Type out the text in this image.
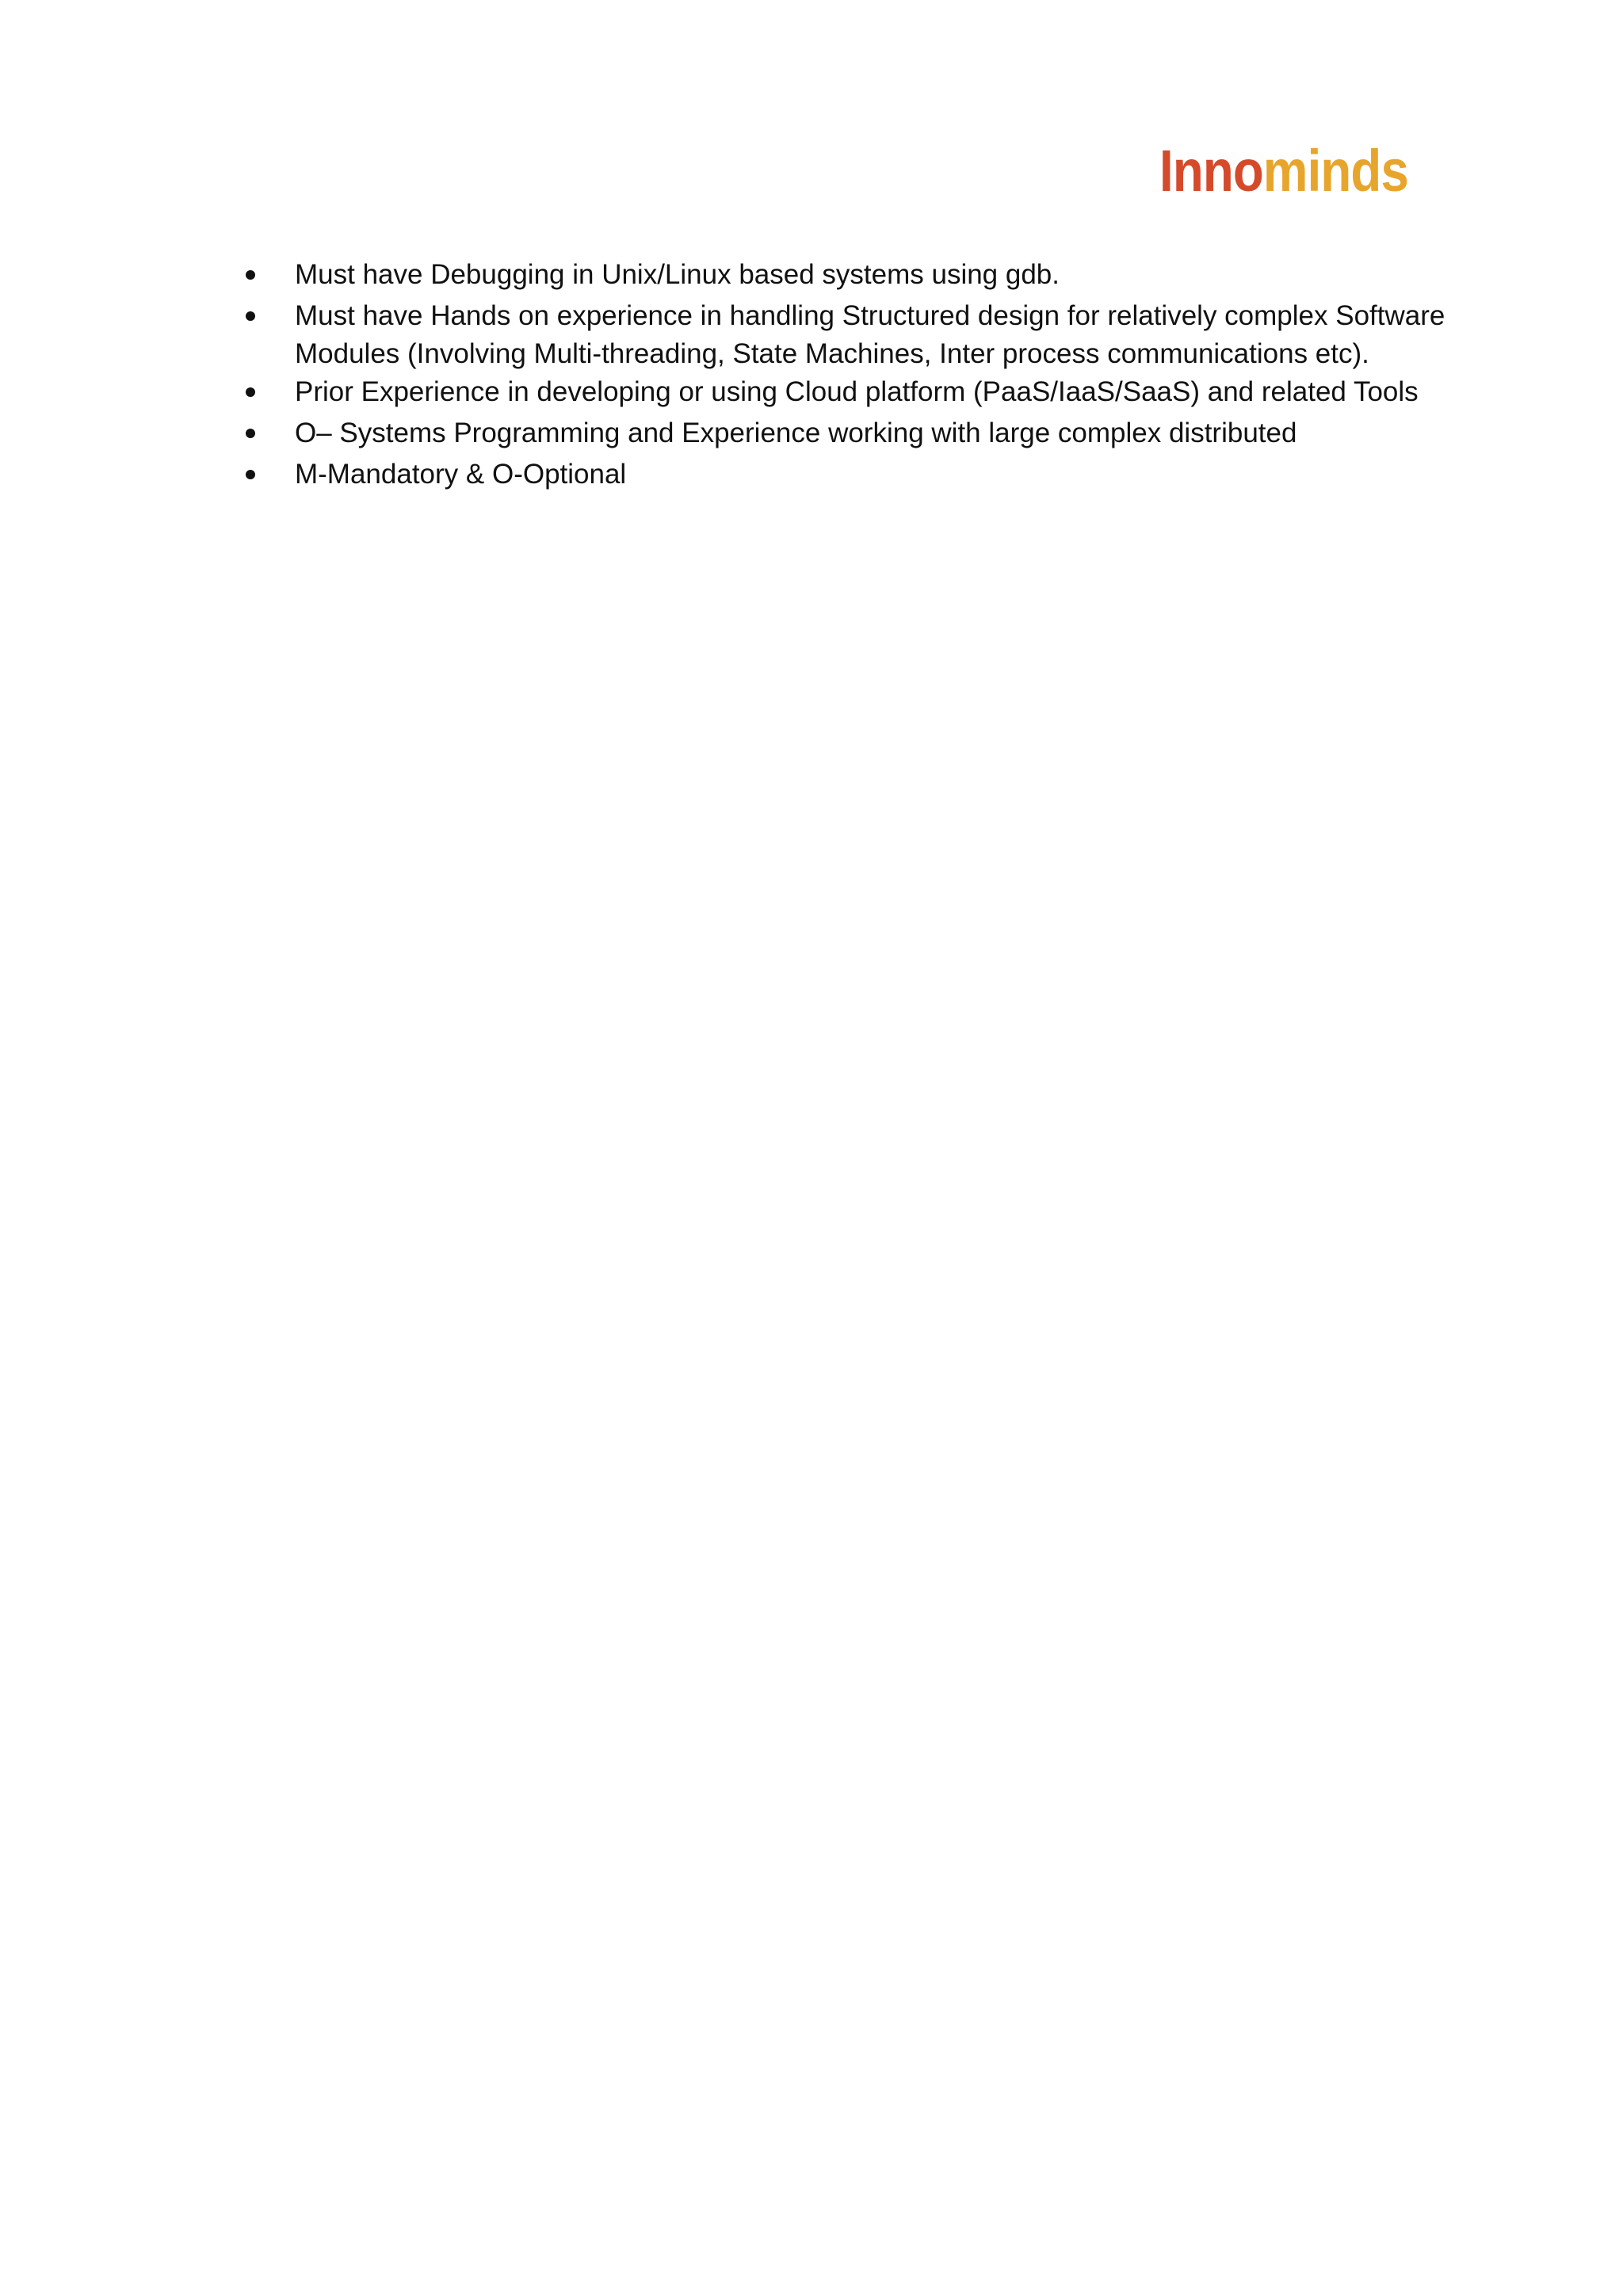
Innominds
Must have Debugging in Unix/Linux based systems using gdb.
Must have Hands on experience in handling Structured design for relatively complex Software
Modules (Involving Multi-threading, State Machines, Inter process communications etc).
Prior Experience in developing or using Cloud platform (PaaS/IaaS/SaaS) and related Tools
O– Systems Programming and Experience working with large complex distributed
M-Mandatory & O-Optional
